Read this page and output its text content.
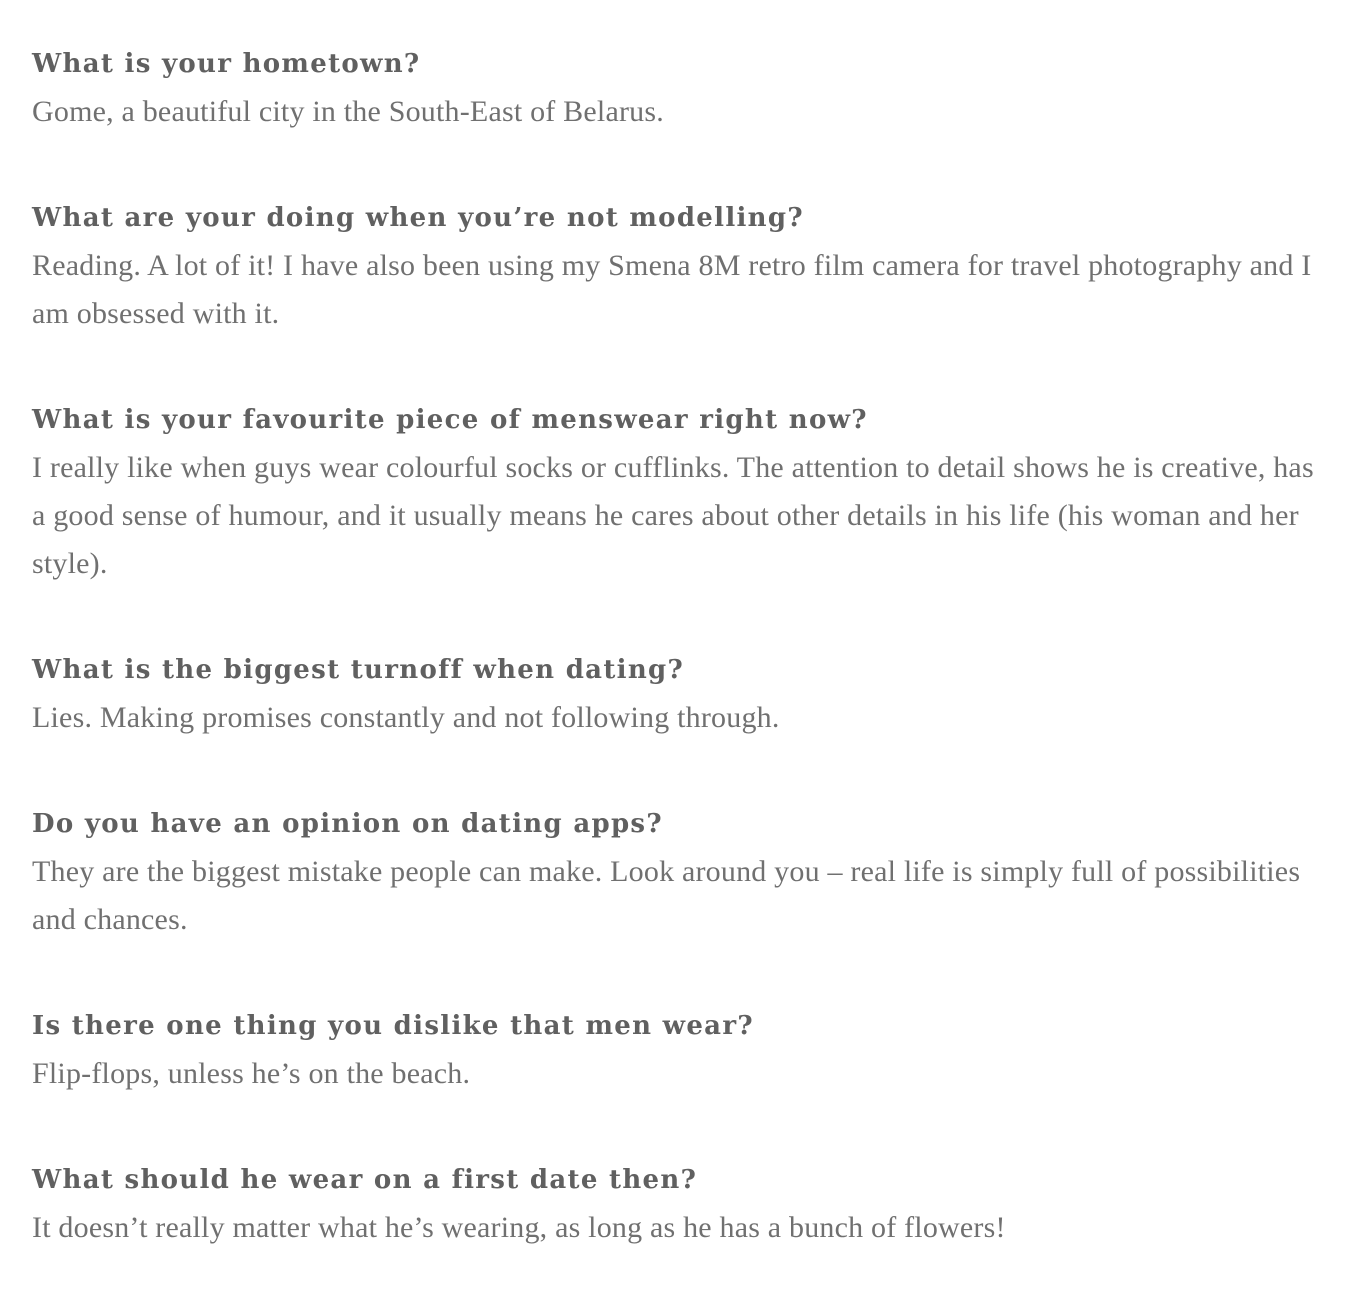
What is your hometown?

Gome, a beautiful city in the South-East of Belarus.

What are your doing when you’re not modelling?

Reading. A lot of it! I have also been using my Smena 8M retro film camera for travel photography and I am obsessed with it.

What is your favourite piece of menswear right now?

I really like when guys wear colourful socks or cufflinks. The attention to detail shows he is creative, has a good sense of humour, and it usually means he cares about other details in his life (his woman and her style).

What is the biggest turnoff when dating?

Lies. Making promises constantly and not following through.

Do you have an opinion on dating apps?

They are the biggest mistake people can make. Look around you – real life is simply full of possibilities and chances.

Is there one thing you dislike that men wear?

Flip-flops, unless he’s on the beach.

What should he wear on a first date then?

It doesn’t really matter what he’s wearing, as long as he has a bunch of flowers!
